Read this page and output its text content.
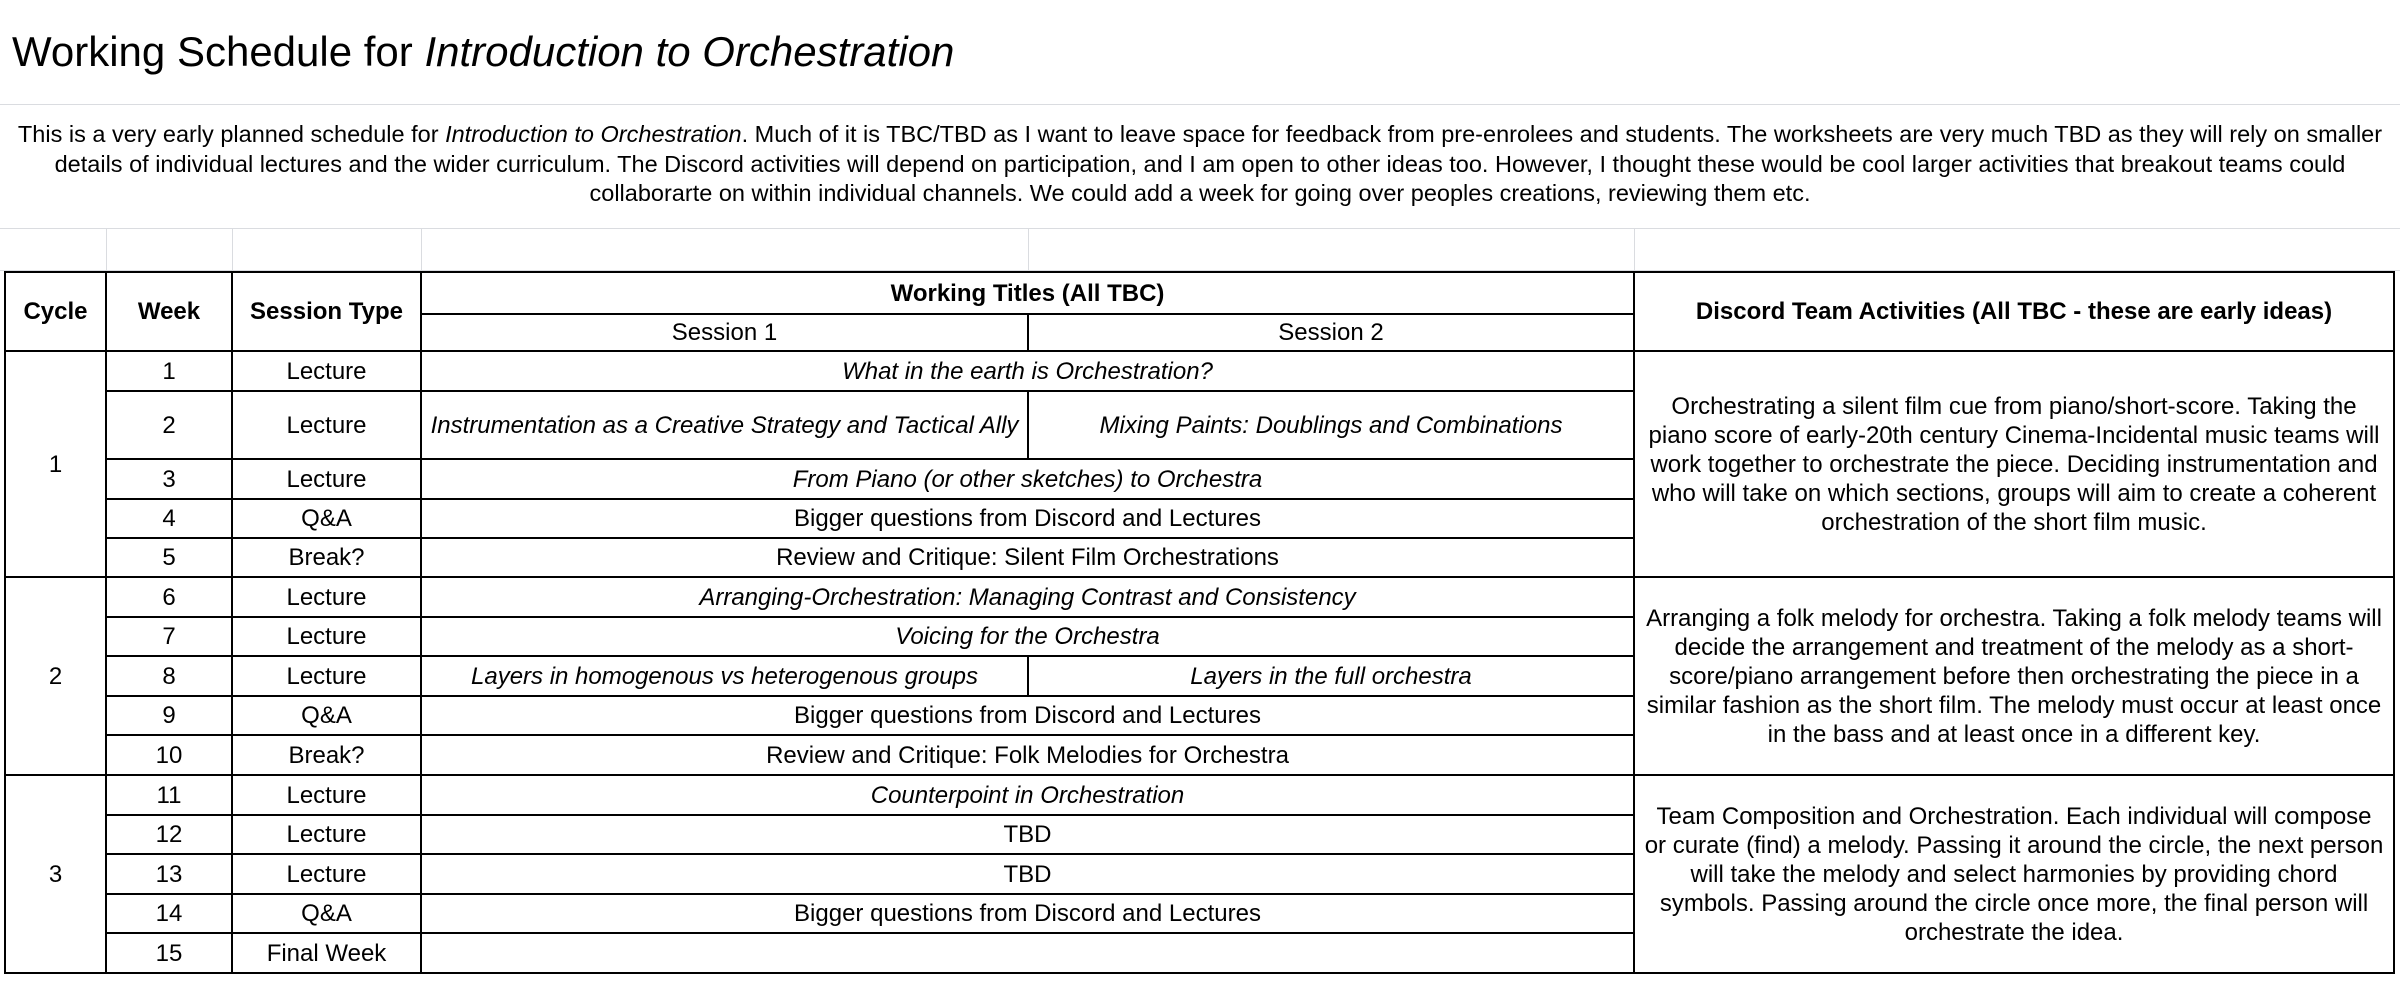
Working Schedule for Introduction to Orchestration
This is a very early planned schedule for Introduction to Orchestration. Much of it is TBC/TBD as I want to leave space for feedback from pre-enrolees and students. The worksheets are very much TBD as they will rely on smaller details of individual lectures and the wider curriculum. The Discord activities will depend on participation, and I am open to other ideas too. However, I thought these would be cool larger activities that breakout teams could collaborarte on within individual channels. We could add a week for going over peoples creations, reviewing them etc.
Cycle	Week	Session Type	Working Titles (All TBC)		Discord Team Activities (All TBC - these are early ideas)
			Session 1	Session 2	
1	1	Lecture	What in the earth is Orchestration?		Orchestrating a silent film cue from piano/short-score. Taking the piano score of early-20th century Cinema-Incidental music teams will work together to orchestrate the piece. Deciding instrumentation and who will take on which sections, groups will aim to create a coherent orchestration of the short film music.
	2	Lecture	Instrumentation as a Creative Strategy and Tactical Ally	Mixing Paints: Doublings and Combinations	
	3	Lecture	From Piano (or other sketches) to Orchestra		
	4	Q&A	Bigger questions from Discord and Lectures		
	5	Break?	Review and Critique: Silent Film Orchestrations		
2	6	Lecture	Arranging-Orchestration: Managing Contrast and Consistency		Arranging a folk melody for orchestra. Taking a folk melody teams will decide the arrangement and treatment of the melody as a short-score/piano arrangement before then orchestrating the piece in a similar fashion as the short film. The melody must occur at least once in the bass and at least once in a different key.
	7	Lecture	Voicing for the Orchestra		
	8	Lecture	Layers in homogenous vs heterogenous groups	Layers in the full orchestra	
	9	Q&A	Bigger questions from Discord and Lectures		
	10	Break?	Review and Critique: Folk Melodies for Orchestra		
3	11	Lecture	Counterpoint in Orchestration		Team Composition and Orchestration. Each individual will compose or curate (find) a melody. Passing it around the circle, the next person will take the melody and select harmonies by providing chord symbols. Passing around the circle once more, the final person will orchestrate the idea.
	12	Lecture	TBD		
	13	Lecture	TBD		
	14	Q&A	Bigger questions from Discord and Lectures		
	15	Final Week			
